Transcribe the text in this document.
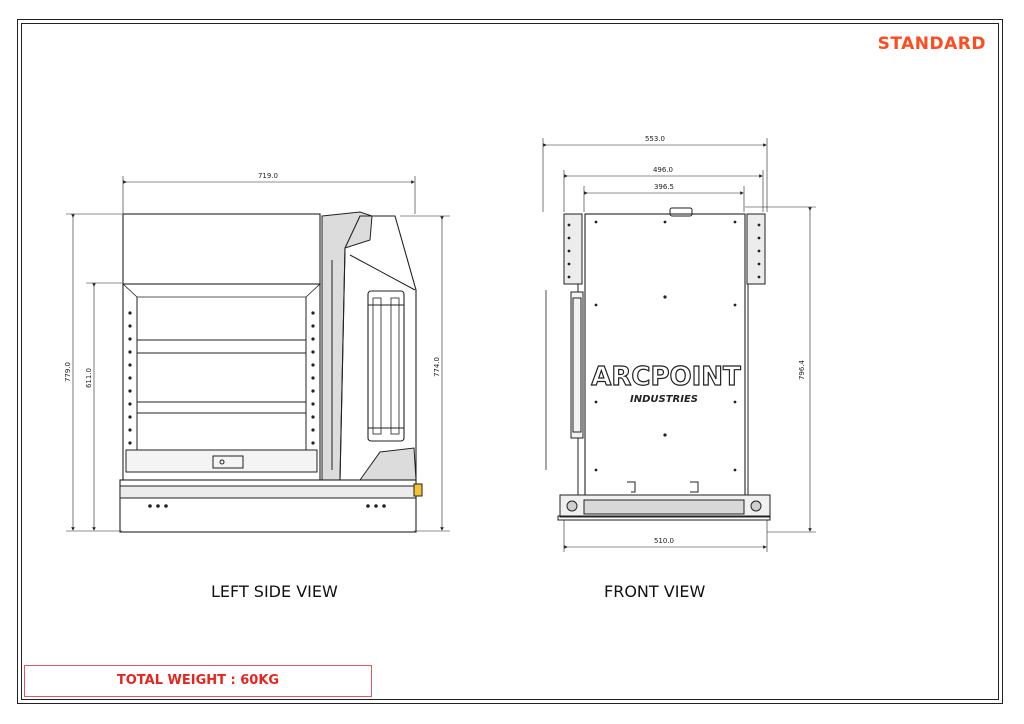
STANDARD
719.0
779.0 611.0
774.0
553.0
496.0
396.5
510.0
796.4
ARCPOINT
INDUSTRIES
LEFT SIDE VIEW	FRONT VIEW
TOTAL WEIGHT : 60KG
